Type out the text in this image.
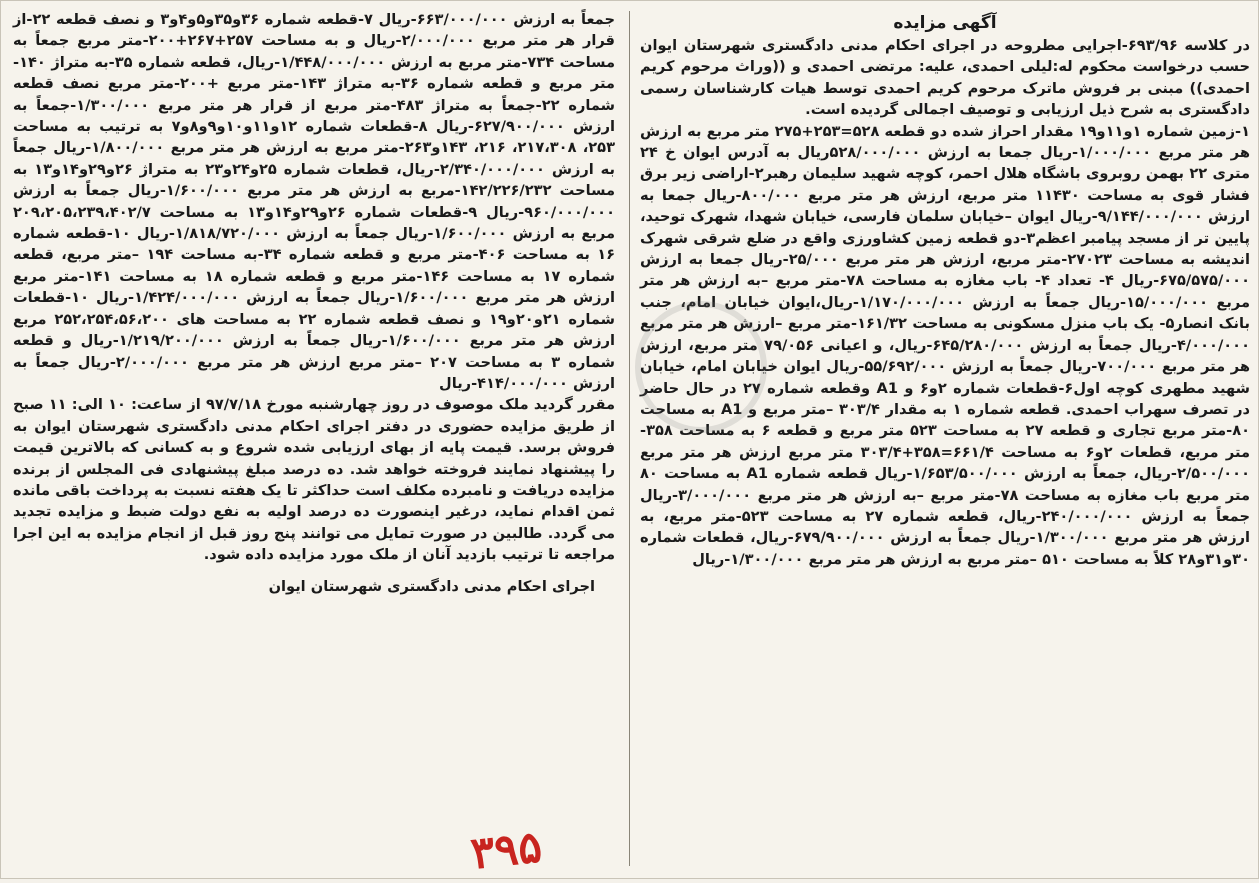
آگهی مزایده

در کلاسه ۶۹۳/۹۶-اجرایی مطروحه در اجرای احکام مدنی دادگستری شهرستان ایوان حسب درخواست محکوم له:لیلی احمدی، علیه: مرتضی احمدی و ((وراث مرحوم کریم احمدی)) مبنی بر فروش ماترک مرحوم کریم احمدی توسط هیات کارشناسان رسمی دادگستری به شرح ذیل ارزیابی و توصیف اجمالی گردیده است.

۱-زمین شماره ۱و۱۱و۱۹ مقدار احراز شده دو قطعه ۵۲۸=۲۵۳+۲۷۵ متر مربع به ارزش هر متر مربع ۱/۰۰۰/۰۰۰-ریال جمعا به ارزش ۵۲۸/۰۰۰/۰۰۰ریال به آدرس ایوان خ ۲۴ متری ۲۲ بهمن روبروی باشگاه هلال احمر، کوچه شهید سلیمان رهبر۲-اراضی زیر برق فشار قوی به مساحت ۱۱۴۳۰ متر مربع، ارزش هر متر مربع ۸۰۰/۰۰۰-ریال جمعا به ارزش ۹/۱۴۴/۰۰۰/۰۰۰-ریال ایوان –خیابان سلمان فارسی، خیابان شهدا، شهرک توحید، پایین تر از مسجد پیامبر اعظم۳-دو قطعه زمین کشاورزی واقع در ضلع شرقی شهرک اندیشه به مساحت ۲۷۰۲۳-متر مربع، ارزش هر متر مربع ۲۵/۰۰۰-ریال جمعا به ارزش ۶۷۵/۵۷۵/۰۰۰-ریال ۴- تعداد ۴- باب مغازه به مساحت ۷۸-متر مربع –به ارزش هر متر مربع ۱۵/۰۰۰/۰۰۰-ریال جمعاً به ارزش ۱/۱۷۰/۰۰۰/۰۰۰-ریال،ایوان خیابان امام، جنب بانک انصار۵- یک باب منزل مسکونی به مساحت ۱۶۱/۳۲-متر مربع –ارزش هر متر مربع ۴/۰۰۰/۰۰۰-ریال جمعاً به ارزش ۶۴۵/۲۸۰/۰۰۰-ریال، و اعیانی ۷۹/۰۵۶ متر مربع، ارزش هر متر مربع ۷۰۰/۰۰۰-ریال جمعاً به ارزش ۵۵/۶۹۲/۰۰۰-ریال ایوان خیابان امام، خیابان شهید مطهری کوچه اول۶-قطعات شماره ۲و۶ و A1 وقطعه شماره ۲۷ در حال حاضر در تصرف سهراب احمدی. قطعه شماره ۱ به مقدار ۳۰۳/۴ –متر مربع و A1 به مساحت ۸۰-متر مربع تجاری و قطعه ۲۷ به مساحت ۵۲۳ متر مربع و قطعه ۶ به مساحت ۳۵۸-متر مربع، قطعات ۲و۶ به مساحت ۶۶۱/۴=۳۵۸+۳۰۳/۴ متر مربع ارزش هر متر مربع ۲/۵۰۰/۰۰۰-ریال، جمعاً به ارزش ۱/۶۵۳/۵۰۰/۰۰۰-ریال قطعه شماره A1 به مساحت ۸۰ متر مربع باب مغازه به مساحت ۷۸-متر مربع –به ارزش هر متر مربع ۳/۰۰۰/۰۰۰-ریال جمعاً به ارزش ۲۴۰/۰۰۰/۰۰۰-ریال، قطعه شماره ۲۷ به مساحت ۵۲۳-متر مربع، به ارزش هر متر مربع ۱/۳۰۰/۰۰۰-ریال جمعاً به ارزش ۶۷۹/۹۰۰/۰۰۰-ریال، قطعات شماره ۳۰و۳۱و۲۸ کلاً به مساحت ۵۱۰ –متر مربع به ارزش هر متر مربع ۱/۳۰۰/۰۰۰-ریال

جمعاً به ارزش ۶۶۳/۰۰۰/۰۰۰-ریال ۷-قطعه شماره ۳۶و۳۵و۵و۴و۳ و نصف قطعه ۲۲-از قرار هر متر مربع ۲/۰۰۰/۰۰۰-ریال و به مساحت ۲۵۷+۲۶۷+۲۰۰-متر مربع جمعاً به مساحت ۷۳۴-متر مربع به ارزش ۱/۴۴۸/۰۰۰/۰۰۰-ریال، قطعه شماره ۳۵-به متراژ ۱۴۰-متر مربع و قطعه شماره ۳۶-به متراژ ۱۴۳-متر مربع +۲۰۰-متر مربع نصف قطعه شماره ۲۲-جمعاً به متراژ ۴۸۳-متر مربع از قرار هر متر مربع ۱/۳۰۰/۰۰۰-جمعاً به ارزش ۶۲۷/۹۰۰/۰۰۰-ریال ۸-قطعات شماره ۱۲و۱۱و۱۰و۹و۸و۷ به ترتیب به مساحت ۲۵۳، ۲۱۷،۳۰۸، ۲۱۶، ۱۴۳و۲۶۳-متر مربع به ارزش هر متر مربع ۱/۸۰۰/۰۰۰-ریال جمعاً به ارزش ۲/۳۴۰/۰۰۰/۰۰۰-ریال، قطعات شماره ۲۵و۲۴و۲۳ به متراژ ۲۶و۲۹و۱۴و۱۳ به مساحت ۱۴۲/۲۲۶/۲۳۲-مربع به ارزش هر متر مربع ۱/۶۰۰/۰۰۰-ریال جمعاً به ارزش ۹۶۰/۰۰۰/۰۰۰-ریال ۹-قطعات شماره ۲۶و۲۹و۱۴و۱۳ به مساحت ۲۰۹،۲۰۵،۲۳۹،۴۰۲/۷ مربع به ارزش ۱/۶۰۰/۰۰۰-ریال جمعاً به ارزش ۱/۸۱۸/۷۲۰/۰۰۰-ریال ۱۰-قطعه شماره ۱۶ به مساحت ۴۰۶-متر مربع و قطعه شماره ۳۴-به مساحت ۱۹۴ –متر مربع، قطعه شماره ۱۷ به مساحت ۱۴۶-متر مربع و قطعه شماره ۱۸ به مساحت ۱۴۱-متر مربع ارزش هر متر مربع ۱/۶۰۰/۰۰۰-ریال جمعاً به ارزش ۱/۴۲۴/۰۰۰/۰۰۰-ریال ۱۰-قطعات شماره ۲۱و۲۰و۱۹ و نصف قطعه شماره ۲۲ به مساحت های ۲۵۲،۲۵۴،۵۶،۲۰۰ مربع ارزش هر متر مربع ۱/۶۰۰/۰۰۰-ریال جمعاً به ارزش ۱/۲۱۹/۲۰۰/۰۰۰-ریال و قطعه شماره ۳ به مساحت ۲۰۷ –متر مربع ارزش هر متر مربع ۲/۰۰۰/۰۰۰-ریال جمعاً به ارزش ۴۱۴/۰۰۰/۰۰۰-ریال

مقرر گردید ملک موصوف در روز چهارشنبه مورخ ۹۷/۷/۱۸ از ساعت: ۱۰ الی: ۱۱ صبح از طریق مزایده حضوری در دفتر اجرای احکام مدنی دادگستری شهرستان ایوان به فروش برسد. قیمت پایه از بهای ارزیابی شده شروع و به کسانی که بالاترین قیمت را پیشنهاد نمایند فروخته خواهد شد. ده درصد مبلغ پیشنهادی فی المجلس از برنده مزایده دریافت و نامبرده مکلف است حداکثر تا یک هفته نسبت به پرداخت باقی مانده ثمن اقدام نماید، درغیر اینصورت ده درصد اولیه به نفع دولت ضبط و مزایده تجدید می گردد. طالبین در صورت تمایل می توانند پنج روز قبل از انجام مزایده به این اجرا مراجعه تا ترتیب بازدید آنان از ملک مورد مزایده داده شود.

اجرای احکام مدنی دادگستری شهرستان ایوان
۳۹۵
